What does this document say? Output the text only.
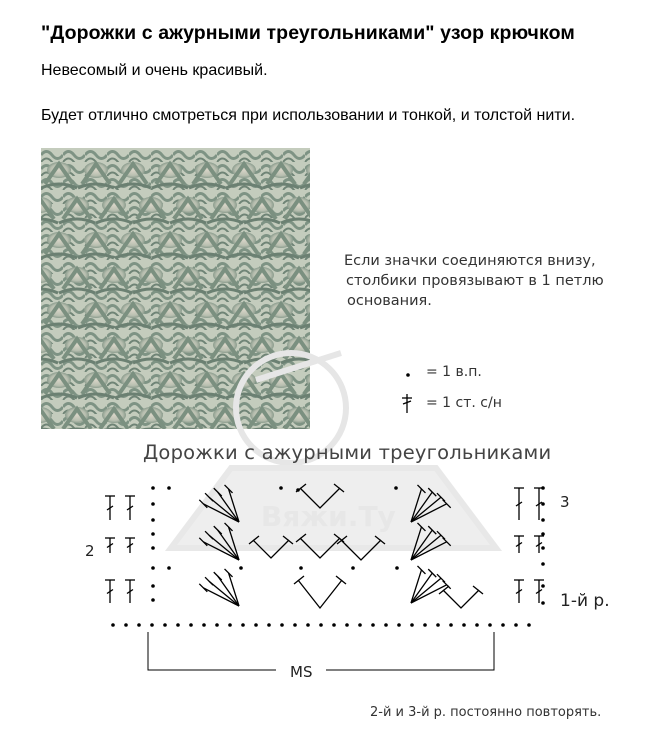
"Дорожки с ажурными треугольниками" узор крючком
Невесомый и очень красивый.
Будет отлично смотреться при использовании и тонкой, и толстой нити.
Вяжи.Ту
Если значки соединяются внизу,
столбики провязывают в 1 петлю
основания.
= 1 в.п.
= 1 ст. с/н
Дорожки с ажурными треугольниками
2
3
1-й р.
MS
2-й и 3-й р. постоянно повторять.
